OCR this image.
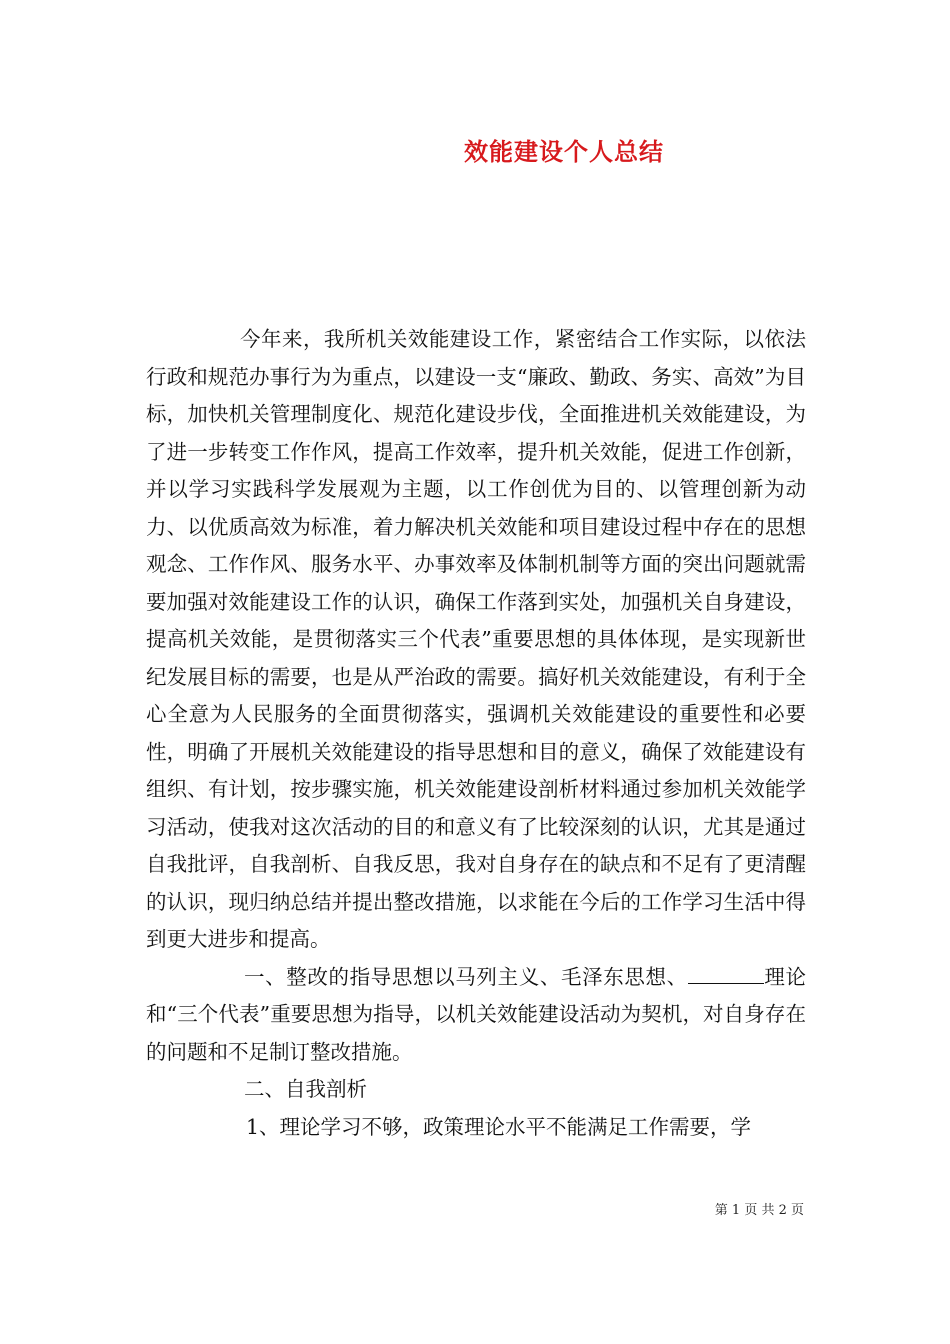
效能建设个人总结

今年来，我所机关效能建设工作，紧密结合工作实际，以依法行政和规范办事行为为重点，以建设一支“廉政、勤政、务实、高效”为目标，加快机关管理制度化、规范化建设步伐，全面推进机关效能建设，为了进一步转变工作作风，提高工作效率，提升机关效能，促进工作创新，并以学习实践科学发展观为主题，以工作创优为目的、以管理创新为动力、以优质高效为标准，着力解决机关效能和项目建设过程中存在的思想观念、工作作风、服务水平、办事效率及体制机制等方面的突出问题就需要加强对效能建设工作的认识，确保工作落到实处，加强机关自身建设，提高机关效能，是贯彻落实三个代表”重要思想的具体体现，是实现新世纪发展目标的需要，也是从严治政的需要。搞好机关效能建设，有利于全心全意为人民服务的全面贯彻落实，强调机关效能建设的重要性和必要性，明确了开展机关效能建设的指导思想和目的意义，确保了效能建设有组织、有计划，按步骤实施，机关效能建设剖析材料通过参加机关效能学习活动，使我对这次活动的目的和意义有了比较深刻的认识，尤其是通过自我批评，自我剖析、自我反思，我对自身存在的缺点和不足有了更清醒的认识，现归纳总结并提出整改措施，以求能在今后的工作学习生活中得到更大进步和提高。

一、整改的指导思想以马列主义、毛泽东思想、	理论和“三个代表”重要思想为指导，以机关效能建设活动为契机，对自身存在的问题和不足制订整改措施。

二、自我剖析

1、理论学习不够，政策理论水平不能满足工作需要，学

第 1 页 共 2 页
